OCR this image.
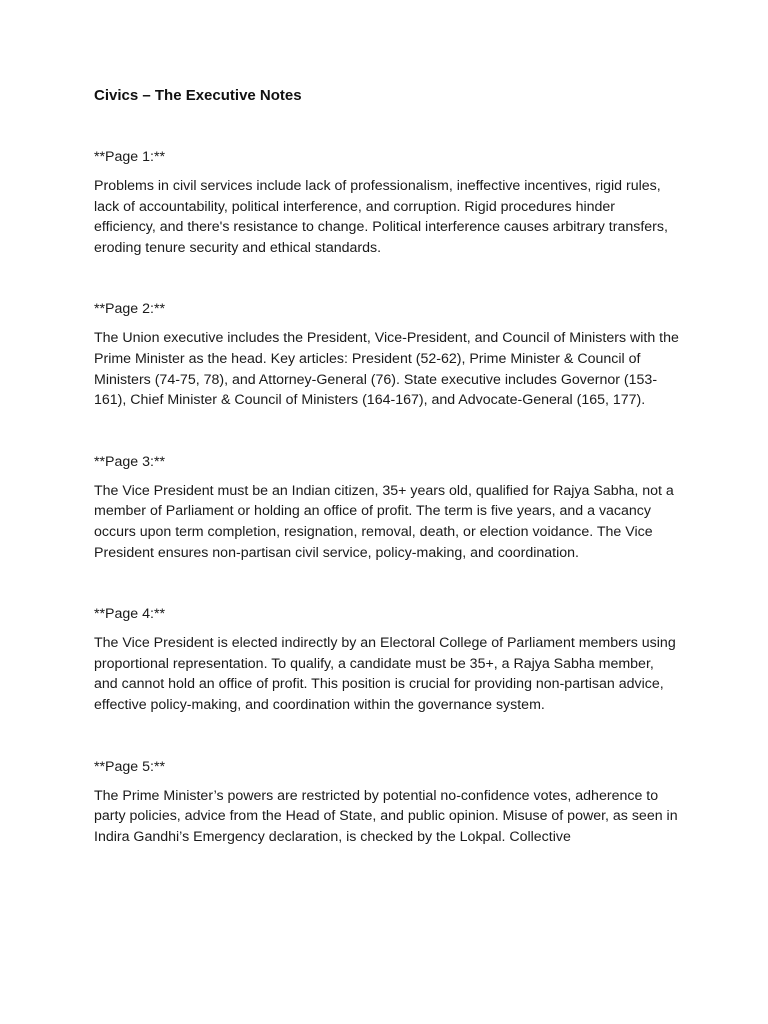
Civics – The Executive Notes

**Page 1:**

Problems in civil services include lack of professionalism, ineffective incentives, rigid rules, lack of accountability, political interference, and corruption. Rigid procedures hinder efficiency, and there's resistance to change. Political interference causes arbitrary transfers, eroding tenure security and ethical standards.

**Page 2:**

The Union executive includes the President, Vice-President, and Council of Ministers with the Prime Minister as the head. Key articles: President (52-62), Prime Minister & Council of Ministers (74-75, 78), and Attorney-General (76). State executive includes Governor (153-161), Chief Minister & Council of Ministers (164-167), and Advocate-General (165, 177).

**Page 3:**

The Vice President must be an Indian citizen, 35+ years old, qualified for Rajya Sabha, not a member of Parliament or holding an office of profit. The term is five years, and a vacancy occurs upon term completion, resignation, removal, death, or election voidance. The Vice President ensures non-partisan civil service, policy-making, and coordination.

**Page 4:**

The Vice President is elected indirectly by an Electoral College of Parliament members using proportional representation. To qualify, a candidate must be 35+, a Rajya Sabha member, and cannot hold an office of profit. This position is crucial for providing non-partisan advice, effective policy-making, and coordination within the governance system.

**Page 5:**

The Prime Minister’s powers are restricted by potential no-confidence votes, adherence to party policies, advice from the Head of State, and public opinion. Misuse of power, as seen in Indira Gandhi’s Emergency declaration, is checked by the Lokpal. Collective
